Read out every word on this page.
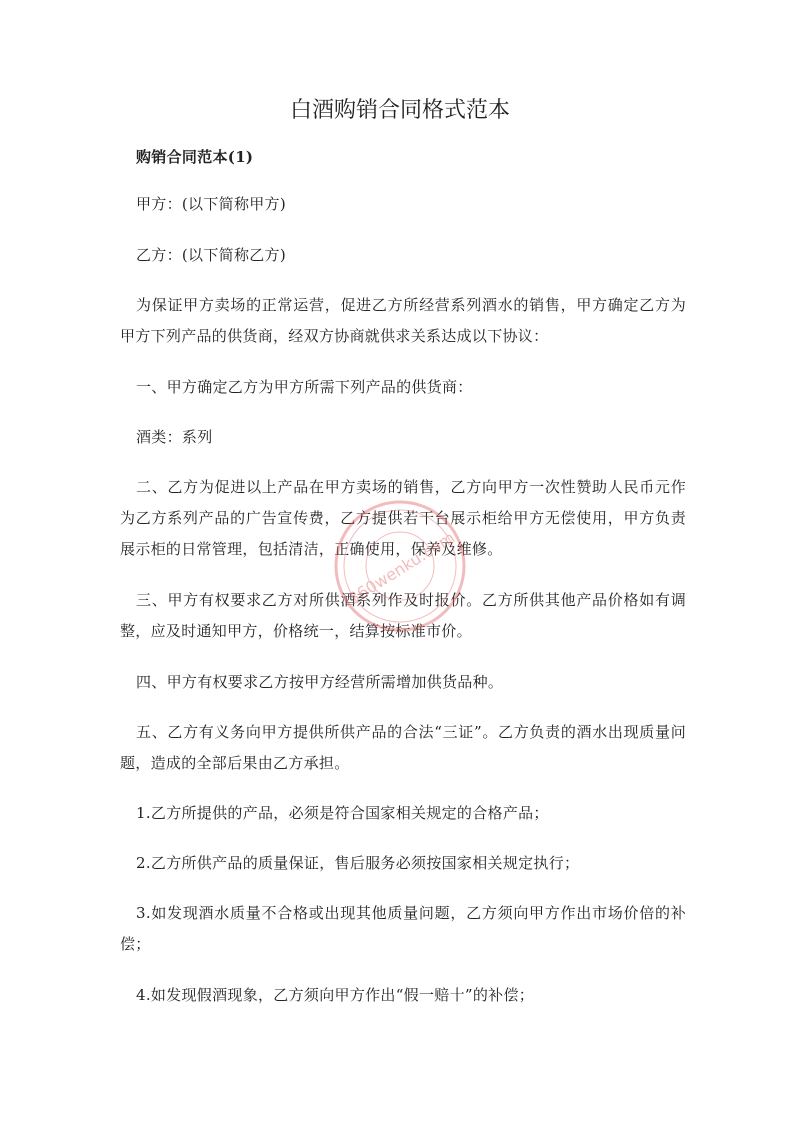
白酒购销合同格式范本

购销合同范本(1)

甲方：(以下简称甲方)

乙方：(以下简称乙方)

为保证甲方卖场的正常运营，促进乙方所经营系列酒水的销售，甲方确定乙方为甲方下列产品的供货商，经双方协商就供求关系达成以下协议：

一、甲方确定乙方为甲方所需下列产品的供货商：

酒类：系列

二、乙方为促进以上产品在甲方卖场的销售，乙方向甲方一次性赞助人民币元作为乙方系列产品的广告宣传费，乙方提供若干台展示柜给甲方无偿使用，甲方负责展示柜的日常管理，包括清洁，正确使用，保养及维修。

三、甲方有权要求乙方对所供酒系列作及时报价。乙方所供其他产品价格如有调整，应及时通知甲方，价格统一，结算按标准市价。

四、甲方有权要求乙方按甲方经营所需增加供货品种。

五、乙方有义务向甲方提供所供产品的合法“三证”。乙方负责的酒水出现质量问题，造成的全部后果由乙方承担。

1.乙方所提供的产品，必须是符合国家相关规定的合格产品；

2.乙方所供产品的质量保证，售后服务必须按国家相关规定执行；

3.如发现酒水质量不合格或出现其他质量问题，乙方须向甲方作出市场价倍的补偿；

4.如发现假酒现象，乙方须向甲方作出“假一赔十”的补偿；

360wenku.com
